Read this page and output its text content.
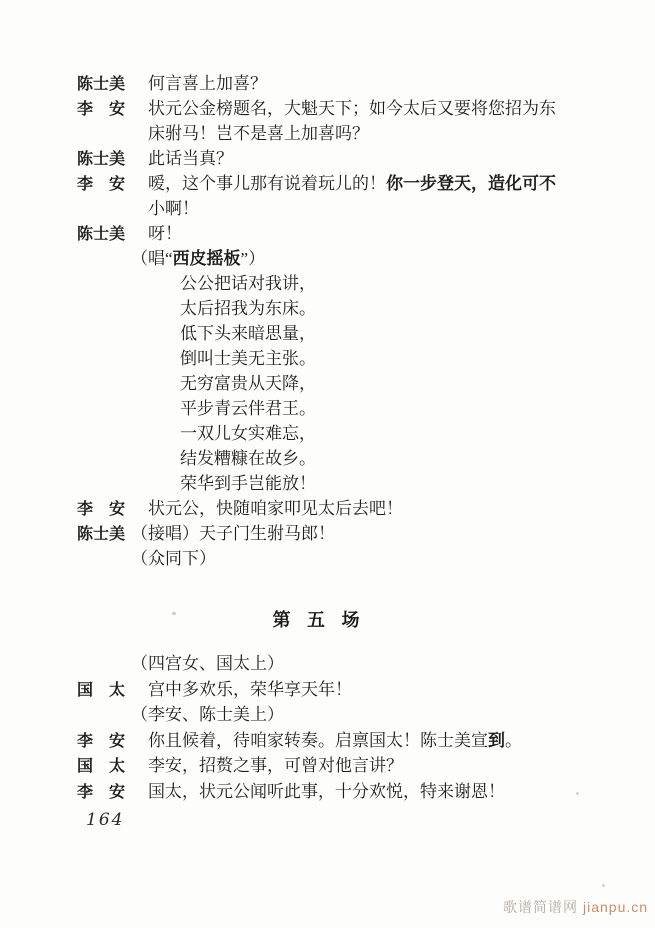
陈士美	何言喜上加喜？
李　安	状元公金榜题名，大魁天下；如今太后又要将您招为东
床驸马！岂不是喜上加喜吗？
陈士美	此话当真？
李　安	嗳，这个事儿那有说着玩儿的！你一步登天，造化可不
小啊！
陈士美	呀！
（唱“西皮摇板”）
公公把话对我讲，
太后招我为东床。
低下头来暗思量，
倒叫士美无主张。
无穷富贵从天降，
平步青云伴君王。
一双儿女实难忘，
结发糟糠在故乡。
荣华到手岂能放！
李　安	状元公，快随咱家叩见太后去吧！
陈士美 （接唱）天子门生驸马郎！
（众同下）
第 五 场
（四宫女、国太上）
国　太	宫中多欢乐，荣华享天年！
（李安、陈士美上）
李　安	你且候着，待咱家转奏。启禀国太！陈士美宣到。
国　太	李安，招赘之事，可曾对他言讲？
李　安	国太，状元公闻听此事，十分欢悦，特来谢恩！
164
歌谱简谱网 jianpu.cn
